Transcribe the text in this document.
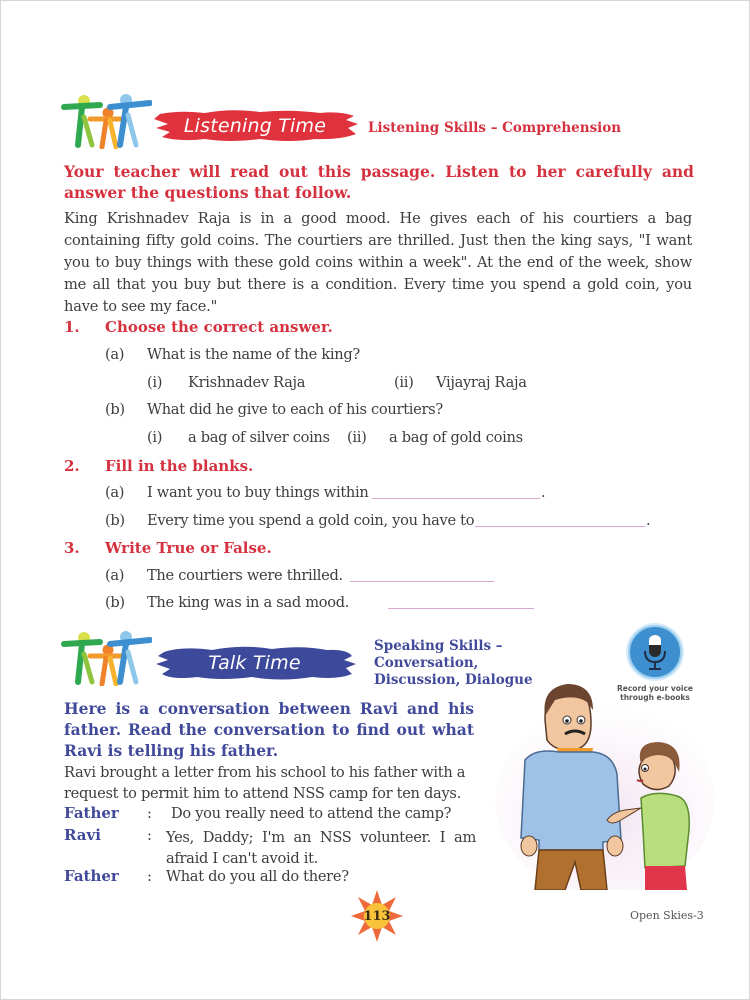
Listening Time	Listening Skills – Comprehension
Your teacher will read out this passage. Listen to her carefully and answer the questions that follow.
King Krishnadev Raja is in a good mood. He gives each of his courtiers a bag containing fifty gold coins. The courtiers are thrilled. Just then the king says, "I want you to buy things with these gold coins within a week". At the end of the week, show me all that you buy but there is a condition. Every time you spend a gold coin, you have to see my face."
1. Choose the correct answer.
(a) What is the name of the king?
(i) Krishnadev Raja	(ii) Vijayraj Raja
(b) What did he give to each of his courtiers?
(i) a bag of silver coins (ii) a bag of gold coins
2. Fill in the blanks.
(a) I want you to buy things within	.
(b) Every time you spend a gold coin, you have to	.
3. Write True or False.
(a) The courtiers were thrilled.
(b) The king was in a sad mood.
Talk Time
Speaking Skills –
Conversation,
Discussion, Dialogue
Record your voice
through e-books
Here is a conversation between Ravi and his father. Read the conversation to find out what Ravi is telling his father.
Ravi brought a letter from his school to his father with a request to permit him to attend NSS camp for ten days.
Father : Do you really need to attend the camp?
Ravi	: Yes, Daddy; I'm an NSS volunteer. I am afraid I can't avoid it.
Father : What do you all do there?
113	Open Skies-3
